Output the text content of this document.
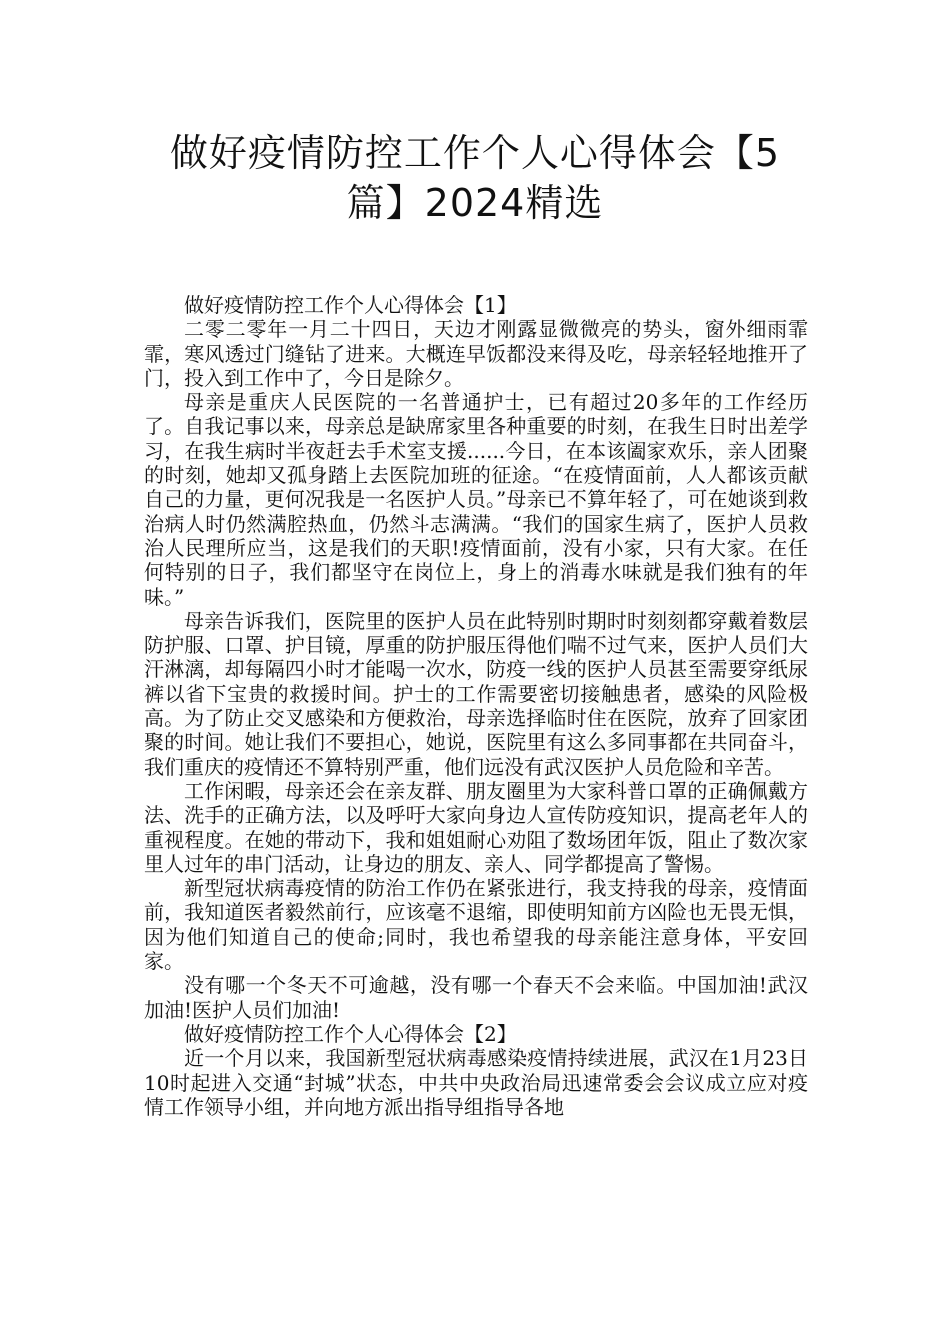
做好疫情防控工作个人心得体会【5篇】2024精选

做好疫情防控工作个人心得体会【1】

二零二零年一月二十四日，天边才刚露显微微亮的势头，窗外细雨霏霏，寒风透过门缝钻了进来。大概连早饭都没来得及吃，母亲轻轻地推开了门，投入到工作中了，今日是除夕。

母亲是重庆人民医院的一名普通护士，已有超过20多年的工作经历了。自我记事以来，母亲总是缺席家里各种重要的时刻，在我生日时出差学习，在我生病时半夜赶去手术室支援......今日，在本该阖家欢乐，亲人团聚的时刻，她却又孤身踏上去医院加班的征途。“在疫情面前，人人都该贡献自己的力量，更何况我是一名医护人员。”母亲已不算年轻了，可在她谈到救治病人时仍然满腔热血，仍然斗志满满。“我们的国家生病了，医护人员救治人民理所应当，这是我们的天职!疫情面前，没有小家，只有大家。在任何特别的日子，我们都坚守在岗位上，身上的消毒水味就是我们独有的年味。”

母亲告诉我们，医院里的医护人员在此特别时期时时刻刻都穿戴着数层防护服、口罩、护目镜，厚重的防护服压得他们喘不过气来，医护人员们大汗淋漓，却每隔四小时才能喝一次水，防疫一线的医护人员甚至需要穿纸尿裤以省下宝贵的救援时间。护士的工作需要密切接触患者，感染的风险极高。为了防止交叉感染和方便救治，母亲选择临时住在医院，放弃了回家团聚的时间。她让我们不要担心，她说，医院里有这么多同事都在共同奋斗，我们重庆的疫情还不算特别严重，他们远没有武汉医护人员危险和辛苦。

工作闲暇，母亲还会在亲友群、朋友圈里为大家科普口罩的正确佩戴方法、洗手的正确方法，以及呼吁大家向身边人宣传防疫知识，提高老年人的重视程度。在她的带动下，我和姐姐耐心劝阻了数场团年饭，阻止了数次家里人过年的串门活动，让身边的朋友、亲人、同学都提高了警惕。

新型冠状病毒疫情的防治工作仍在紧张进行，我支持我的母亲，疫情面前，我知道医者毅然前行，应该毫不退缩，即使明知前方凶险也无畏无惧，因为他们知道自己的使命;同时，我也希望我的母亲能注意身体，平安回家。

没有哪一个冬天不可逾越，没有哪一个春天不会来临。中国加油!武汉加油!医护人员们加油!

做好疫情防控工作个人心得体会【2】

近一个月以来，我国新型冠状病毒感染疫情持续进展，武汉在1月23日10时起进入交通“封城”状态，中共中央政治局迅速常委会会议成立应对疫情工作领导小组，并向地方派出指导组指导各地
